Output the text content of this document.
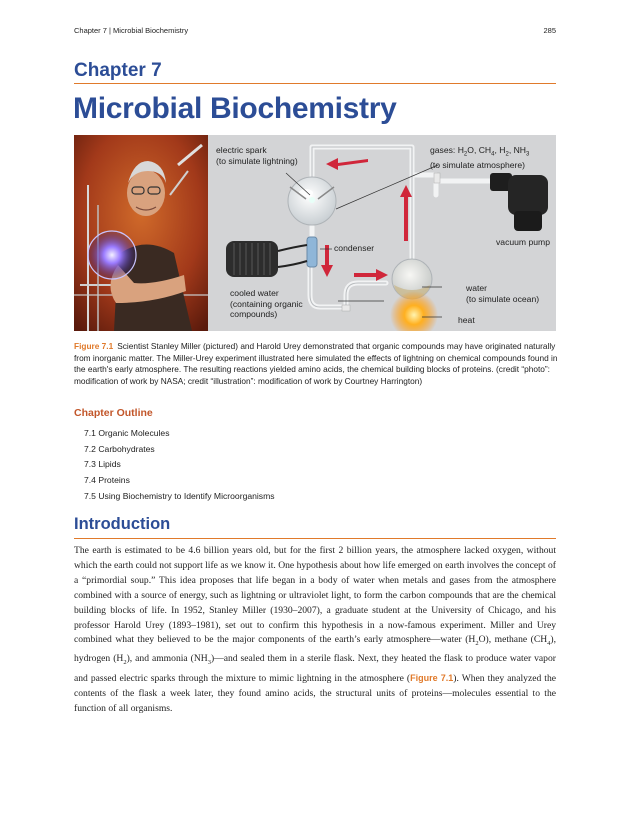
Chapter 7 | Microbial Biochemistry	285
Chapter 7
Microbial Biochemistry
electric spark
(to simulate lightning)
gases: $H_2O$, $CH_4$, $H_2$, $NH_3$
(to simulate atmosphere)
condenser
vacuum pump
water
(to simulate ocean)
cooled water
(containing organic
compounds)
heat
Figure 7.1 Scientist Stanley Miller (pictured) and Harold Urey demonstrated that organic compounds may have originated naturally from inorganic matter. The Miller-Urey experiment illustrated here simulated the effects of lightning on chemical compounds found in the earth's early atmosphere. The resulting reactions yielded amino acids, the chemical building blocks of proteins. (credit “photo”: modification of work by NASA; credit “illustration”: modification of work by Courtney Harrington)
Chapter Outline
7.1 Organic Molecules
7.2 Carbohydrates
7.3 Lipids
7.4 Proteins
7.5 Using Biochemistry to Identify Microorganisms
Introduction

The earth is estimated to be 4.6 billion years old, but for the first 2 billion years, the atmosphere lacked oxygen, without which the earth could not support life as we know it. One hypothesis about how life emerged on earth involves the concept of a “primordial soup.” This idea proposes that life began in a body of water when metals and gases from the atmosphere combined with a source of energy, such as lightning or ultraviolet light, to form the carbon compounds that are the chemical building blocks of life. In 1952, Stanley Miller (1930–2007), a graduate student at the University of Chicago, and his professor Harold Urey (1893–1981), set out to confirm this hypothesis in a now-famous experiment. Miller and Urey combined what they believed to be the major components of the earth’s early atmosphere—water $(H_2O)$, methane $(CH_4)$, hydrogen $(H_2)$, and ammonia $(NH_3)—and$ sealed them in a sterile flask. Next, they heated the flask to produce water vapor and passed electric sparks through the mixture to mimic lightning in the atmosphere (Figure 7.1). When they analyzed the contents of the flask a week later, they found amino acids, the structural units of proteins—molecules essential to the function of all organisms.
